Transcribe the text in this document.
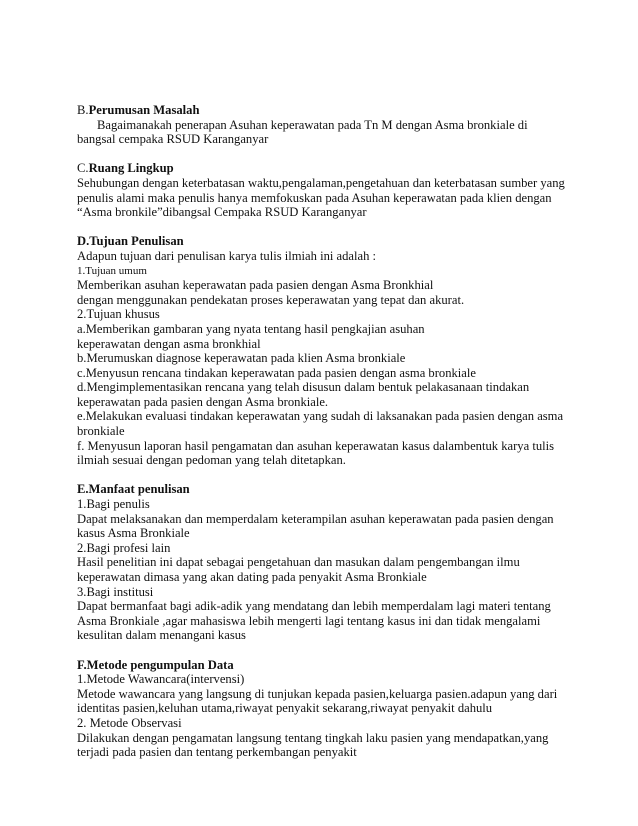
B.Perumusan Masalah
Bagaimanakah penerapan Asuhan keperawatan pada Tn M dengan Asma bronkiale di
bangsal cempaka RSUD Karanganyar
C.Ruang Lingkup
Sehubungan dengan keterbatasan waktu,pengalaman,pengetahuan dan keterbatasan sumber yang
penulis alami maka penulis hanya memfokuskan pada Asuhan keperawatan pada klien dengan
“Asma bronkile”dibangsal Cempaka RSUD Karanganyar
D.Tujuan Penulisan
Adapun tujuan dari penulisan karya tulis ilmiah ini adalah :
1.Tujuan umum
Memberikan asuhan keperawatan pada pasien dengan Asma Bronkhial
dengan menggunakan pendekatan proses keperawatan yang tepat dan akurat.
2.Tujuan khusus
a.Memberikan gambaran yang nyata tentang hasil pengkajian asuhan
keperawatan dengan asma bronkhial
b.Merumuskan diagnose keperawatan pada klien Asma bronkiale
c.Menyusun rencana tindakan keperawatan pada pasien dengan asma bronkiale
d.Mengimplementasikan rencana yang telah disusun dalam bentuk pelakasanaan tindakan
keperawatan pada pasien dengan Asma bronkiale.
e.Melakukan evaluasi tindakan keperawatan yang sudah di laksanakan pada pasien dengan asma
bronkiale
f. Menyusun laporan hasil pengamatan dan asuhan keperawatan kasus dalambentuk karya tulis
ilmiah sesuai dengan pedoman yang telah ditetapkan.
E.Manfaat penulisan
1.Bagi penulis
Dapat melaksanakan dan memperdalam keterampilan asuhan keperawatan pada pasien dengan
kasus Asma Bronkiale
2.Bagi profesi lain
Hasil penelitian ini dapat sebagai pengetahuan dan masukan dalam pengembangan ilmu
keperawatan dimasa yang akan dating pada penyakit Asma Bronkiale
3.Bagi institusi
Dapat bermanfaat bagi adik-adik yang mendatang dan lebih memperdalam lagi materi tentang
Asma Bronkiale ,agar mahasiswa lebih mengerti lagi tentang kasus ini dan tidak mengalami
kesulitan dalam menangani kasus
F.Metode pengumpulan Data
1.Metode Wawancara(intervensi)
Metode wawancara yang langsung di tunjukan kepada pasien,keluarga pasien.adapun yang dari
identitas pasien,keluhan utama,riwayat penyakit sekarang,riwayat penyakit dahulu
2. Metode Observasi
Dilakukan dengan pengamatan langsung tentang tingkah laku pasien yang mendapatkan,yang
terjadi pada pasien dan tentang perkembangan penyakit
